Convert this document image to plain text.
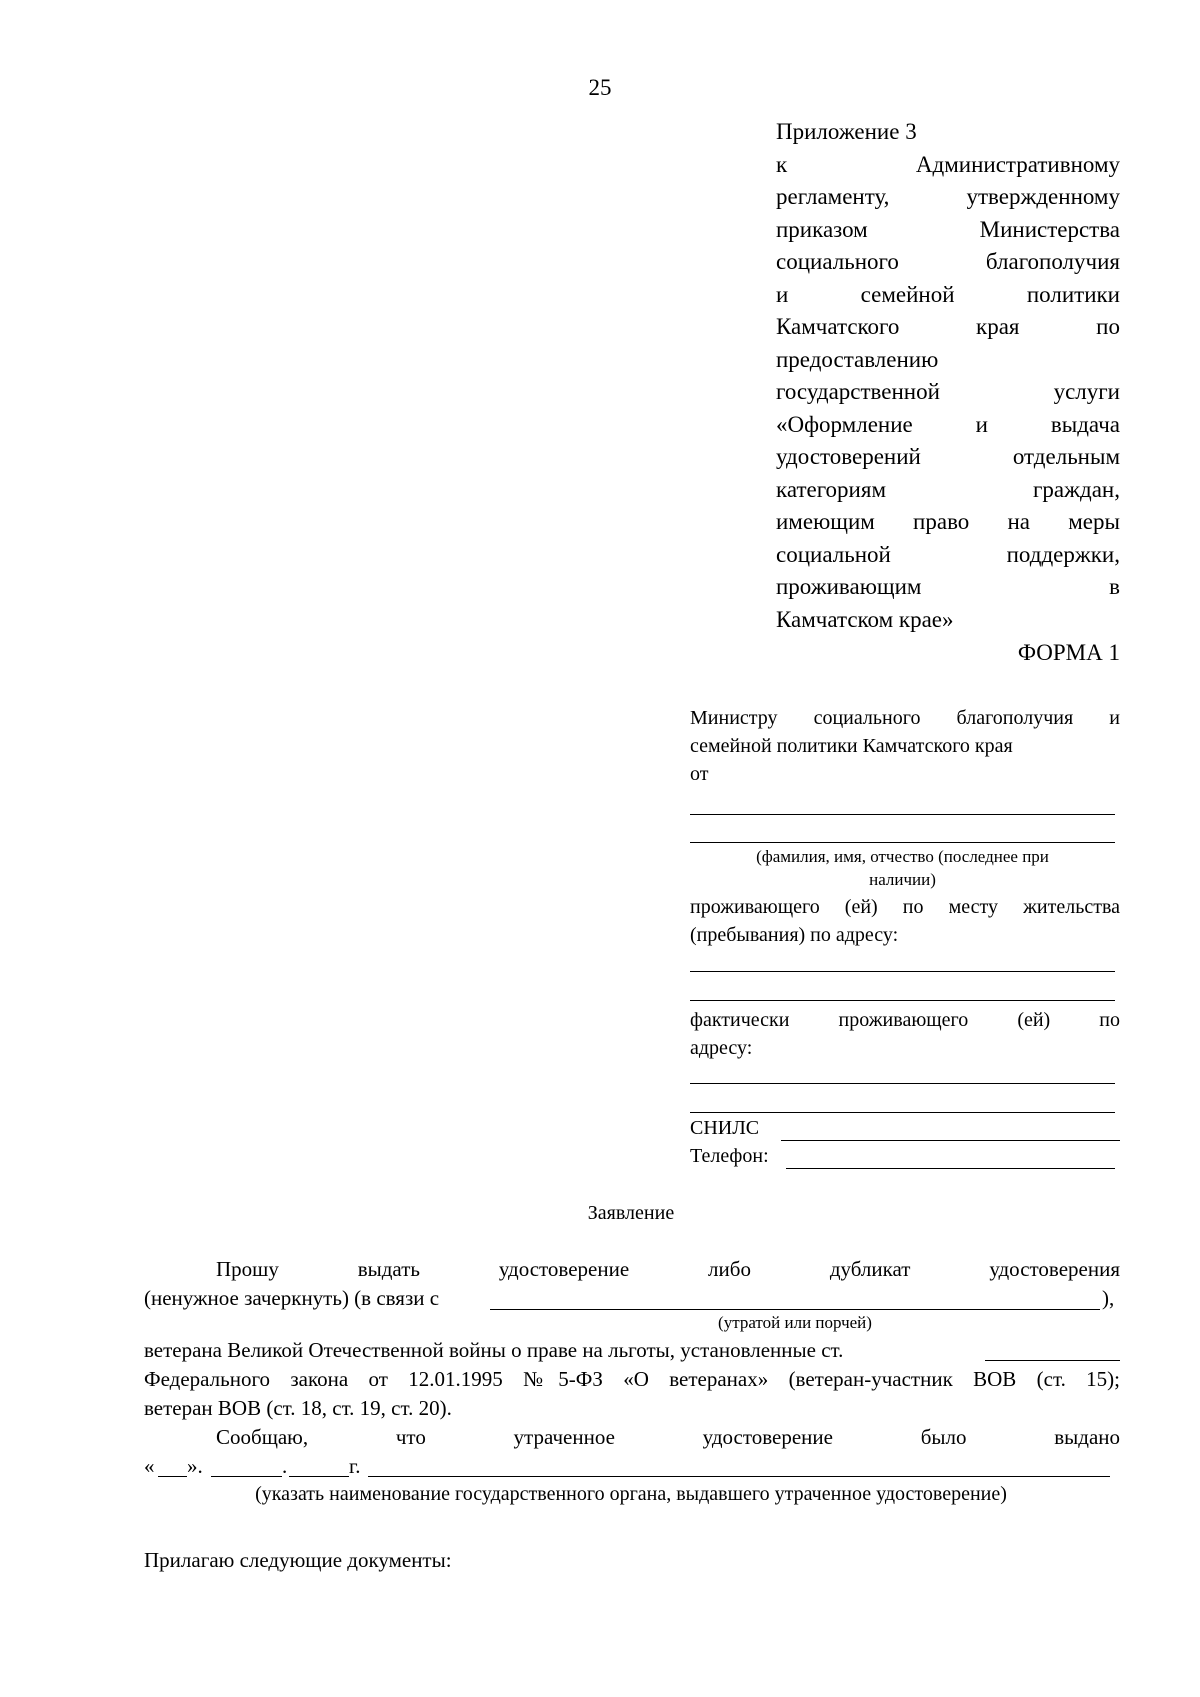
25
Приложение 3
к	Административному
регламенту,	утвержденному
приказом	Министерства
социального	благополучия
и	семейной	политики
Камчатского	края	по
предоставлению
государственной	услуги
«Оформление	и	выдача
удостоверений	отдельным
категориям	граждан,
имеющим право на меры
социальной	поддержки,
проживающим	в
Камчатском крае»
ФОРМА 1
Министру социального благополучия и
семейной политики Камчатского края
от
(фамилия, имя, отчество (последнее при
наличии)
проживающего (ей) по месту жительства
(пребывания) по адресу:
фактически проживающего (ей) по
адресу:
СНИЛС
Телефон:
Заявление
Прошу выдать удостоверение либо дубликат удостоверения
(ненужное зачеркнуть) (в связи с	),
(утратой или порчей)
ветерана Великой Отечественной войны о праве на льготы, установленные ст.
Федерального закона от 12.01.1995 №5-ФЗ «О ветеранах» (ветеран-участник ВОВ (ст. 15);
ветеран ВОВ (ст. 18, ст. 19, ст. 20).
Сообщаю, что утраченное удостоверение было выдано
« ».	.	г.
(указать наименование государственного органа, выдавшего утраченное удостоверение)
Прилагаю следующие документы:
